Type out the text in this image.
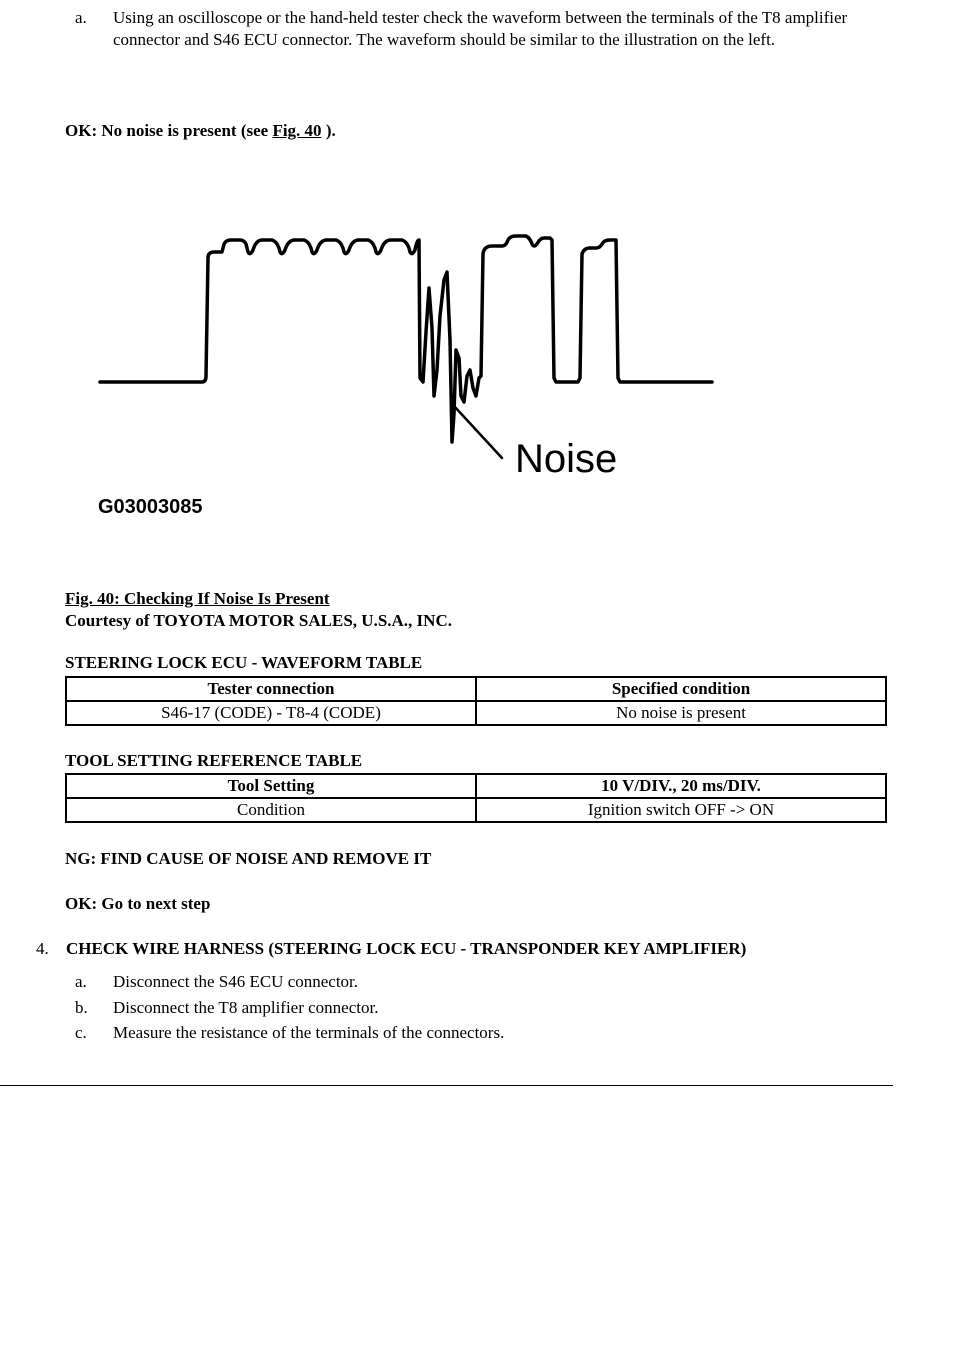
a.	Using an oscilloscope or the hand-held tester check the waveform between the terminals of the T8 amplifier connector and S46 ECU connector. The waveform should be similar to the illustration on the left.
OK: No noise is present (see Fig. 40 ).
Noise
G03003085
Fig. 40: Checking If Noise Is Present
Courtesy of TOYOTA MOTOR SALES, U.S.A., INC.
STEERING LOCK ECU - WAVEFORM TABLE
Tester connection	Specified condition
S46-17 (CODE) - T8-4 (CODE)	No noise is present
TOOL SETTING REFERENCE TABLE
Tool Setting	10 V/DIV., 20 ms/DIV.
Condition	Ignition switch OFF -> ON
NG: FIND CAUSE OF NOISE AND REMOVE IT
OK: Go to next step
4.	CHECK WIRE HARNESS (STEERING LOCK ECU - TRANSPONDER KEY AMPLIFIER)
a.	Disconnect the S46 ECU connector.
b.	Disconnect the T8 amplifier connector.
c.	Measure the resistance of the terminals of the connectors.
